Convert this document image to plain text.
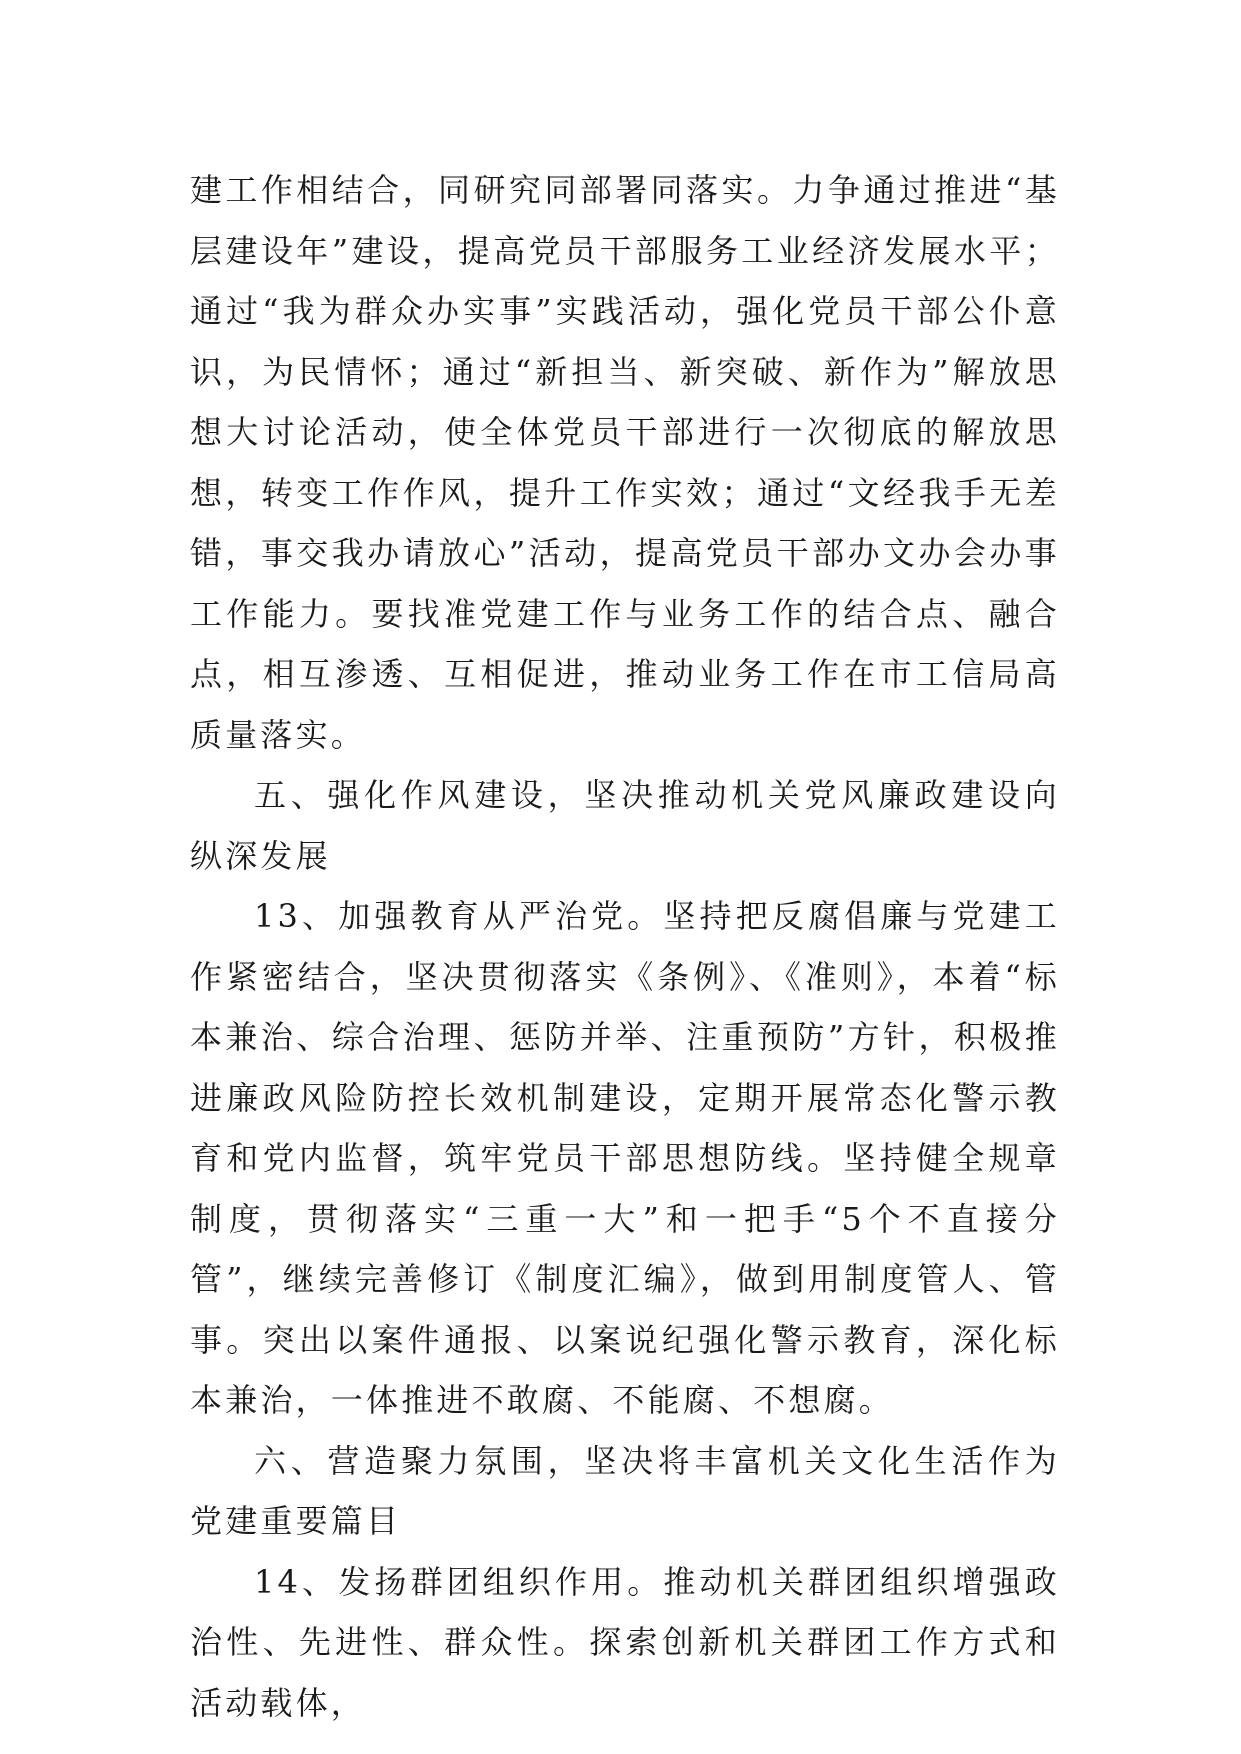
建工作相结合，同研究同部署同落实。力争通过推进“基层建设年”建设，提高党员干部服务工业经济发展水平；通过“我为群众办实事”实践活动，强化党员干部公仆意识，为民情怀；通过“新担当、新突破、新作为”解放思想大讨论活动，使全体党员干部进行一次彻底的解放思想，转变工作作风，提升工作实效；通过“文经我手无差错，事交我办请放心”活动，提高党员干部办文办会办事工作能力。要找准党建工作与业务工作的结合点、融合点，相互渗透、互相促进，推动业务工作在市工信局高质量落实。

五、强化作风建设，坚决推动机关党风廉政建设向纵深发展

13、加强教育从严治党。坚持把反腐倡廉与党建工作紧密结合，坚决贯彻落实《条例》、《准则》，本着“标本兼治、综合治理、惩防并举、注重预防”方针，积极推进廉政风险防控长效机制建设，定期开展常态化警示教育和党内监督，筑牢党员干部思想防线。坚持健全规章制度，贯彻落实“三重一大”和一把手“5个不直接分管”，继续完善修订《制度汇编》，做到用制度管人、管事。突出以案件通报、以案说纪强化警示教育，深化标本兼治，一体推进不敢腐、不能腐、不想腐。

六、营造聚力氛围，坚决将丰富机关文化生活作为党建重要篇目

14、发扬群团组织作用。推动机关群团组织增强政治性、先进性、群众性。探索创新机关群团工作方式和活动载体，
